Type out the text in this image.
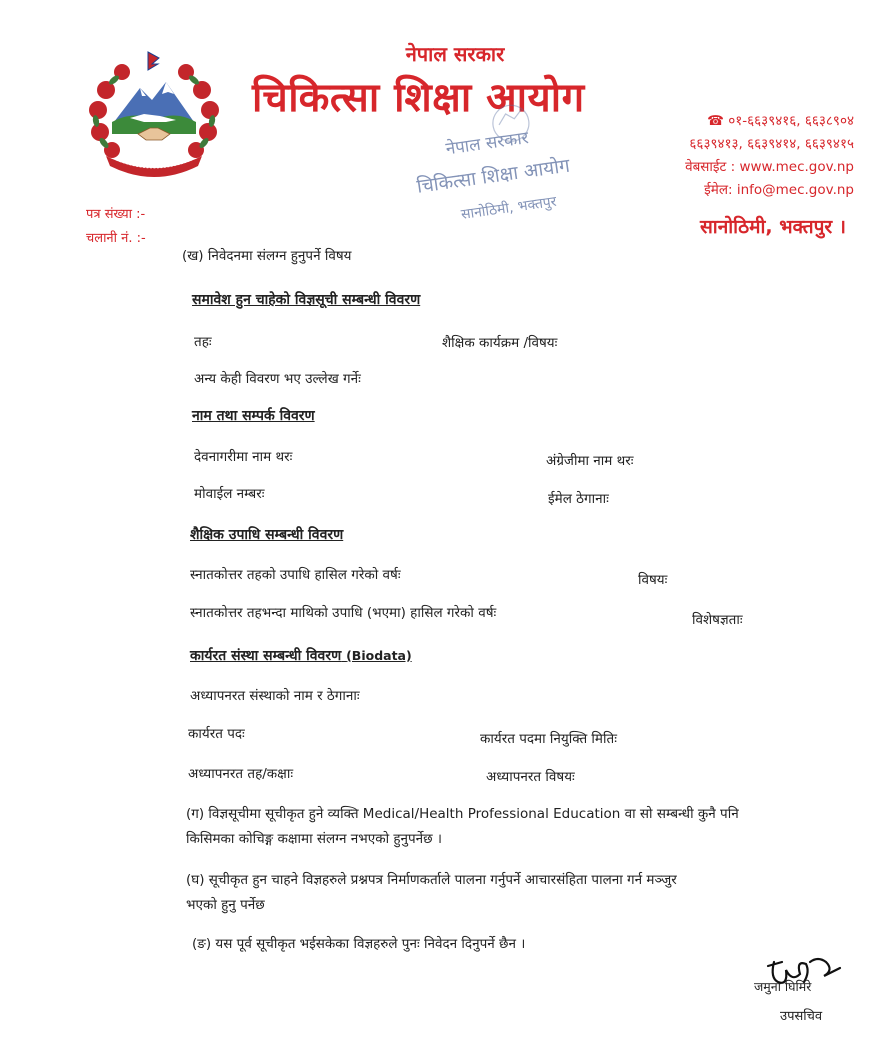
नेपाल सरकार
चिकित्सा शिक्षा आयोग	☎ ०१-६६३९४१६, ६६३८९०४
६६३९४१३, ६६३९४१४, ६६३९४१५
वेबसाईट : www.mec.gov.np
ईमेल: info@mec.gov.np
सानोठिमी, भक्तपुर ।
पत्र संख्या :-
चलानी नं. :-
नेपाल सरकार
चिकित्सा शिक्षा आयोग
सानोठिमी, भक्तपुर
(ख) निवेदनमा संलग्न हुनुपर्ने विषय
समावेश हुन चाहेको विज्ञसूची सम्बन्धी विवरण
तहः	शैक्षिक कार्यक्रम /विषयः
अन्य केही विवरण भए उल्लेख गर्नेः
नाम तथा सम्पर्क विवरण
देवनागरीमा नाम थरः	अंग्रेजीमा नाम थरः
मोवाईल नम्बरः	ईमेल ठेगानाः
शैक्षिक उपाधि सम्बन्धी विवरण
स्नातकोत्तर तहको उपाधि हासिल गरेको वर्षः	विषयः
स्नातकोत्तर तहभन्दा माथिको उपाधि (भएमा) हासिल गरेको वर्षः	विशेषज्ञताः
कार्यरत संस्था सम्बन्धी विवरण (Biodata)
अध्यापनरत संस्थाको नाम र ठेगानाः
कार्यरत पदः	कार्यरत पदमा नियुक्ति मितिः
अध्यापनरत तह/कक्षाः	अध्यापनरत विषयः
(ग) विज्ञसूचीमा सूचीकृत हुने व्यक्ति Medical/Health Professional Education वा सो सम्बन्धी कुनै पनि
किसिमका कोचिङ्ग कक्षामा संलग्न नभएको हुनुपर्नेछ ।
(घ) सूचीकृत हुन चाहने विज्ञहरुले प्रश्नपत्र निर्माणकर्ताले पालना गर्नुपर्ने आचारसंहिता पालना गर्न मञ्जुर
भएको हुनु पर्नेछ
(ङ) यस पूर्व सूचीकृत भईसकेका विज्ञहरुले पुनः निवेदन दिनुपर्ने छैन ।
जमुना घिमिरे
उपसचिव
